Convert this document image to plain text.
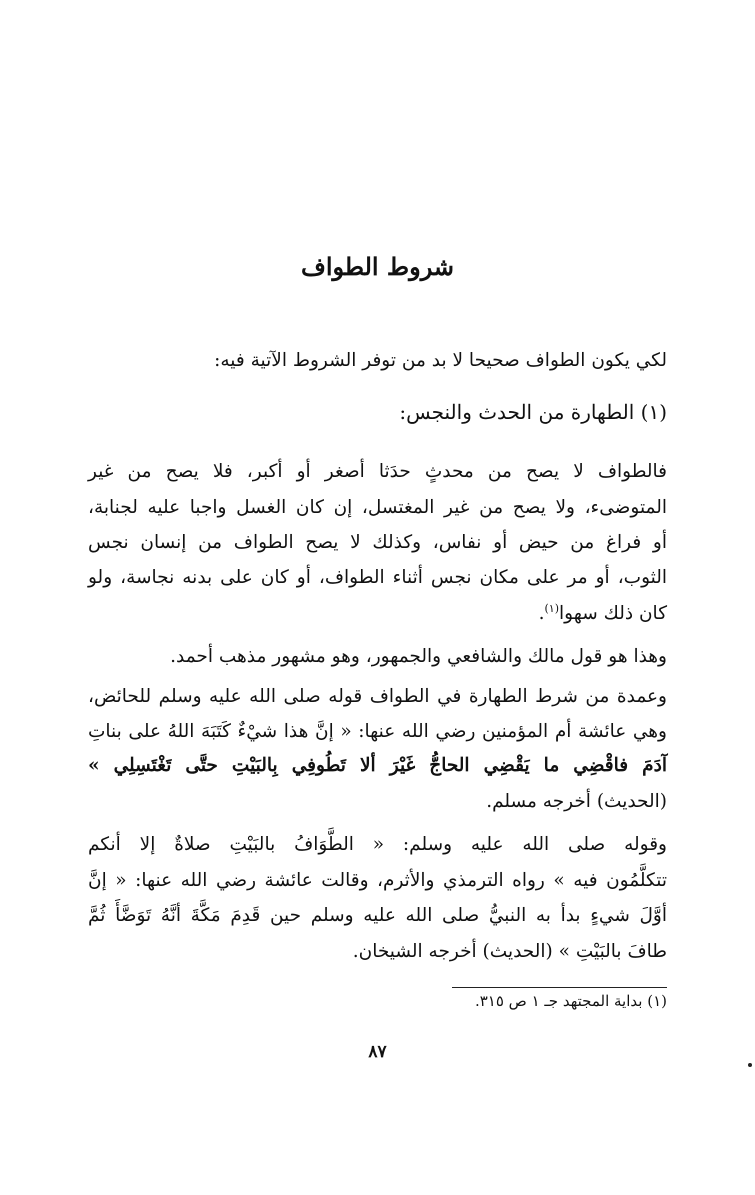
شروط الطواف
لكي يكون الطواف صحيحا لا بد من توفر الشروط الآتية فيه:
(١) الطهارة من الحدث والنجس:
فالطواف لا يصح من محدثٍ حدَثا أصغر أو أكبر، فلا يصح من غير
المتوضىء، ولا يصح من غير المغتسل، إن كان الغسل واجبا عليه لجنابة،
أو فراغ من حيض أو نفاس، وكذلك لا يصح الطواف من إنسان نجس
الثوب، أو مر على مكان نجس أثناء الطواف، أو كان على بدنه نجاسة، ولو
كان ذلك سهوا$^{(١)}$.
وهذا هو قول مالك والشافعي والجمهور، وهو مشهور مذهب أحمد.
وعمدة من شرط الطهارة في الطواف قوله صلى الله عليه وسلم للحائض،
وهي عائشة أم المؤمنين رضي الله عنها: « إنَّ هذا شيْءٌ كَتَبَهَ اللهُ على بناتِ
آدَمَ فاقْضِي ما يَقْضِي الحاجُّ غَيْرَ ألا تَطُوفِي بِالبَيْتِ حتَّى تَغْتَسِلِي »
(الحديث) أخرجه مسلم.
وقوله صلى الله عليه وسلم: « الطَّوَافُ بالبَيْتِ صلاةٌ إلا أنكم
تتكلَّمُون فيه » رواه الترمذي والأثرم، وقالت عائشة رضي الله عنها: « إنَّ
أوَّلَ شيءٍ بدأ به النبيُّ صلى الله عليه وسلم حين قَدِمَ مَكَّةَ أنَّهُ تَوَضَّأَ ثُمَّ
طافَ بالبَيْتِ » (الحديث) أخرجه الشيخان.
(١) بداية المجتهد جـ ١ ص ٣١٥.
٨٧
